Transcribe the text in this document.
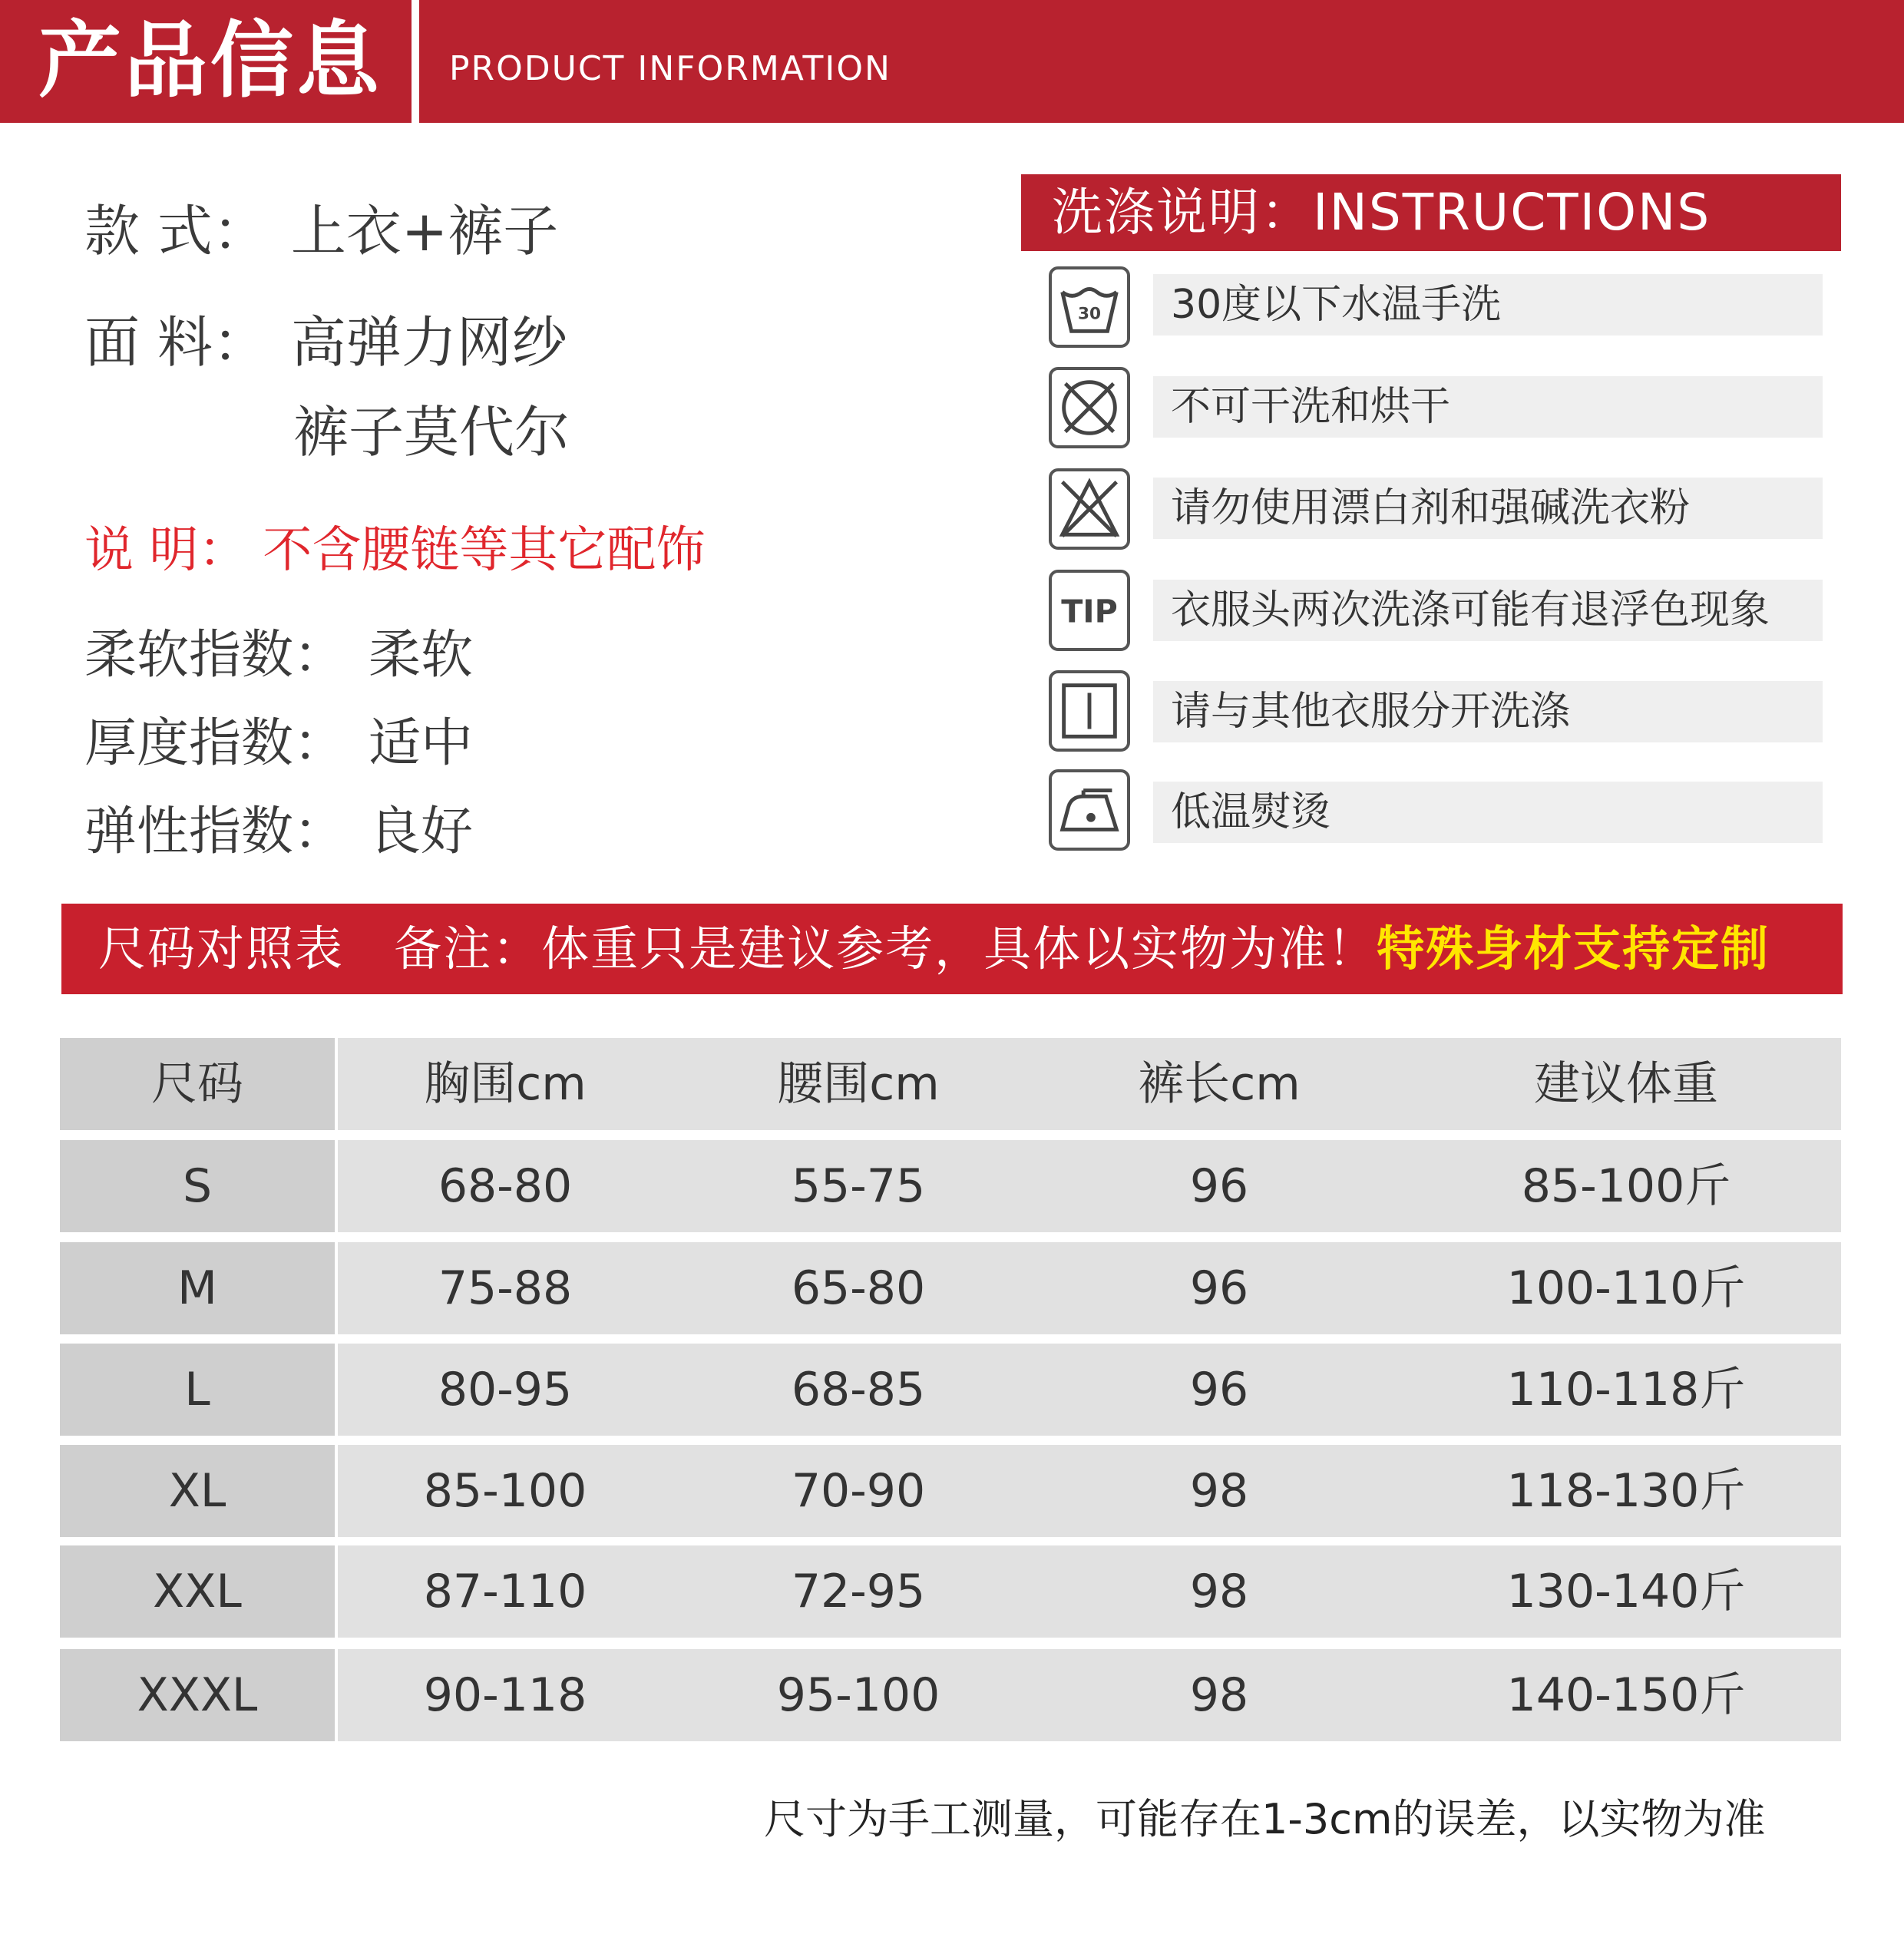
产品信息 PRODUCT INFORMATION
款 式： 上衣+裤子
面 料： 高弹力网纱
裤子莫代尔
说 明： 不含腰链等其它配饰
柔软指数： 柔软
厚度指数： 适中
弹性指数： 良好
洗涤说明：INSTRUCTIONS
30 30度以下水温手洗
不可干洗和烘干
请勿使用漂白剂和强碱洗衣粉
TIP 衣服头两次洗涤可能有退浮色现象
请与其他衣服分开洗涤
低温熨烫
尺码对照表   备注：体重只是建议参考，具体以实物为准！特殊身材支持定制
尺码	胸围cm	腰围cm	裤长cm	建议体重
S	68-80	55-75	96	85-100斤
M	75-88	65-80	96	100-110斤
L	80-95	68-85	96	110-118斤
XL	85-100	70-90	98	118-130斤
XXL	87-110	72-95	98	130-140斤
XXXL	90-118	95-100	98	140-150斤
尺寸为手工测量，可能存在1-3cm的误差，以实物为准
